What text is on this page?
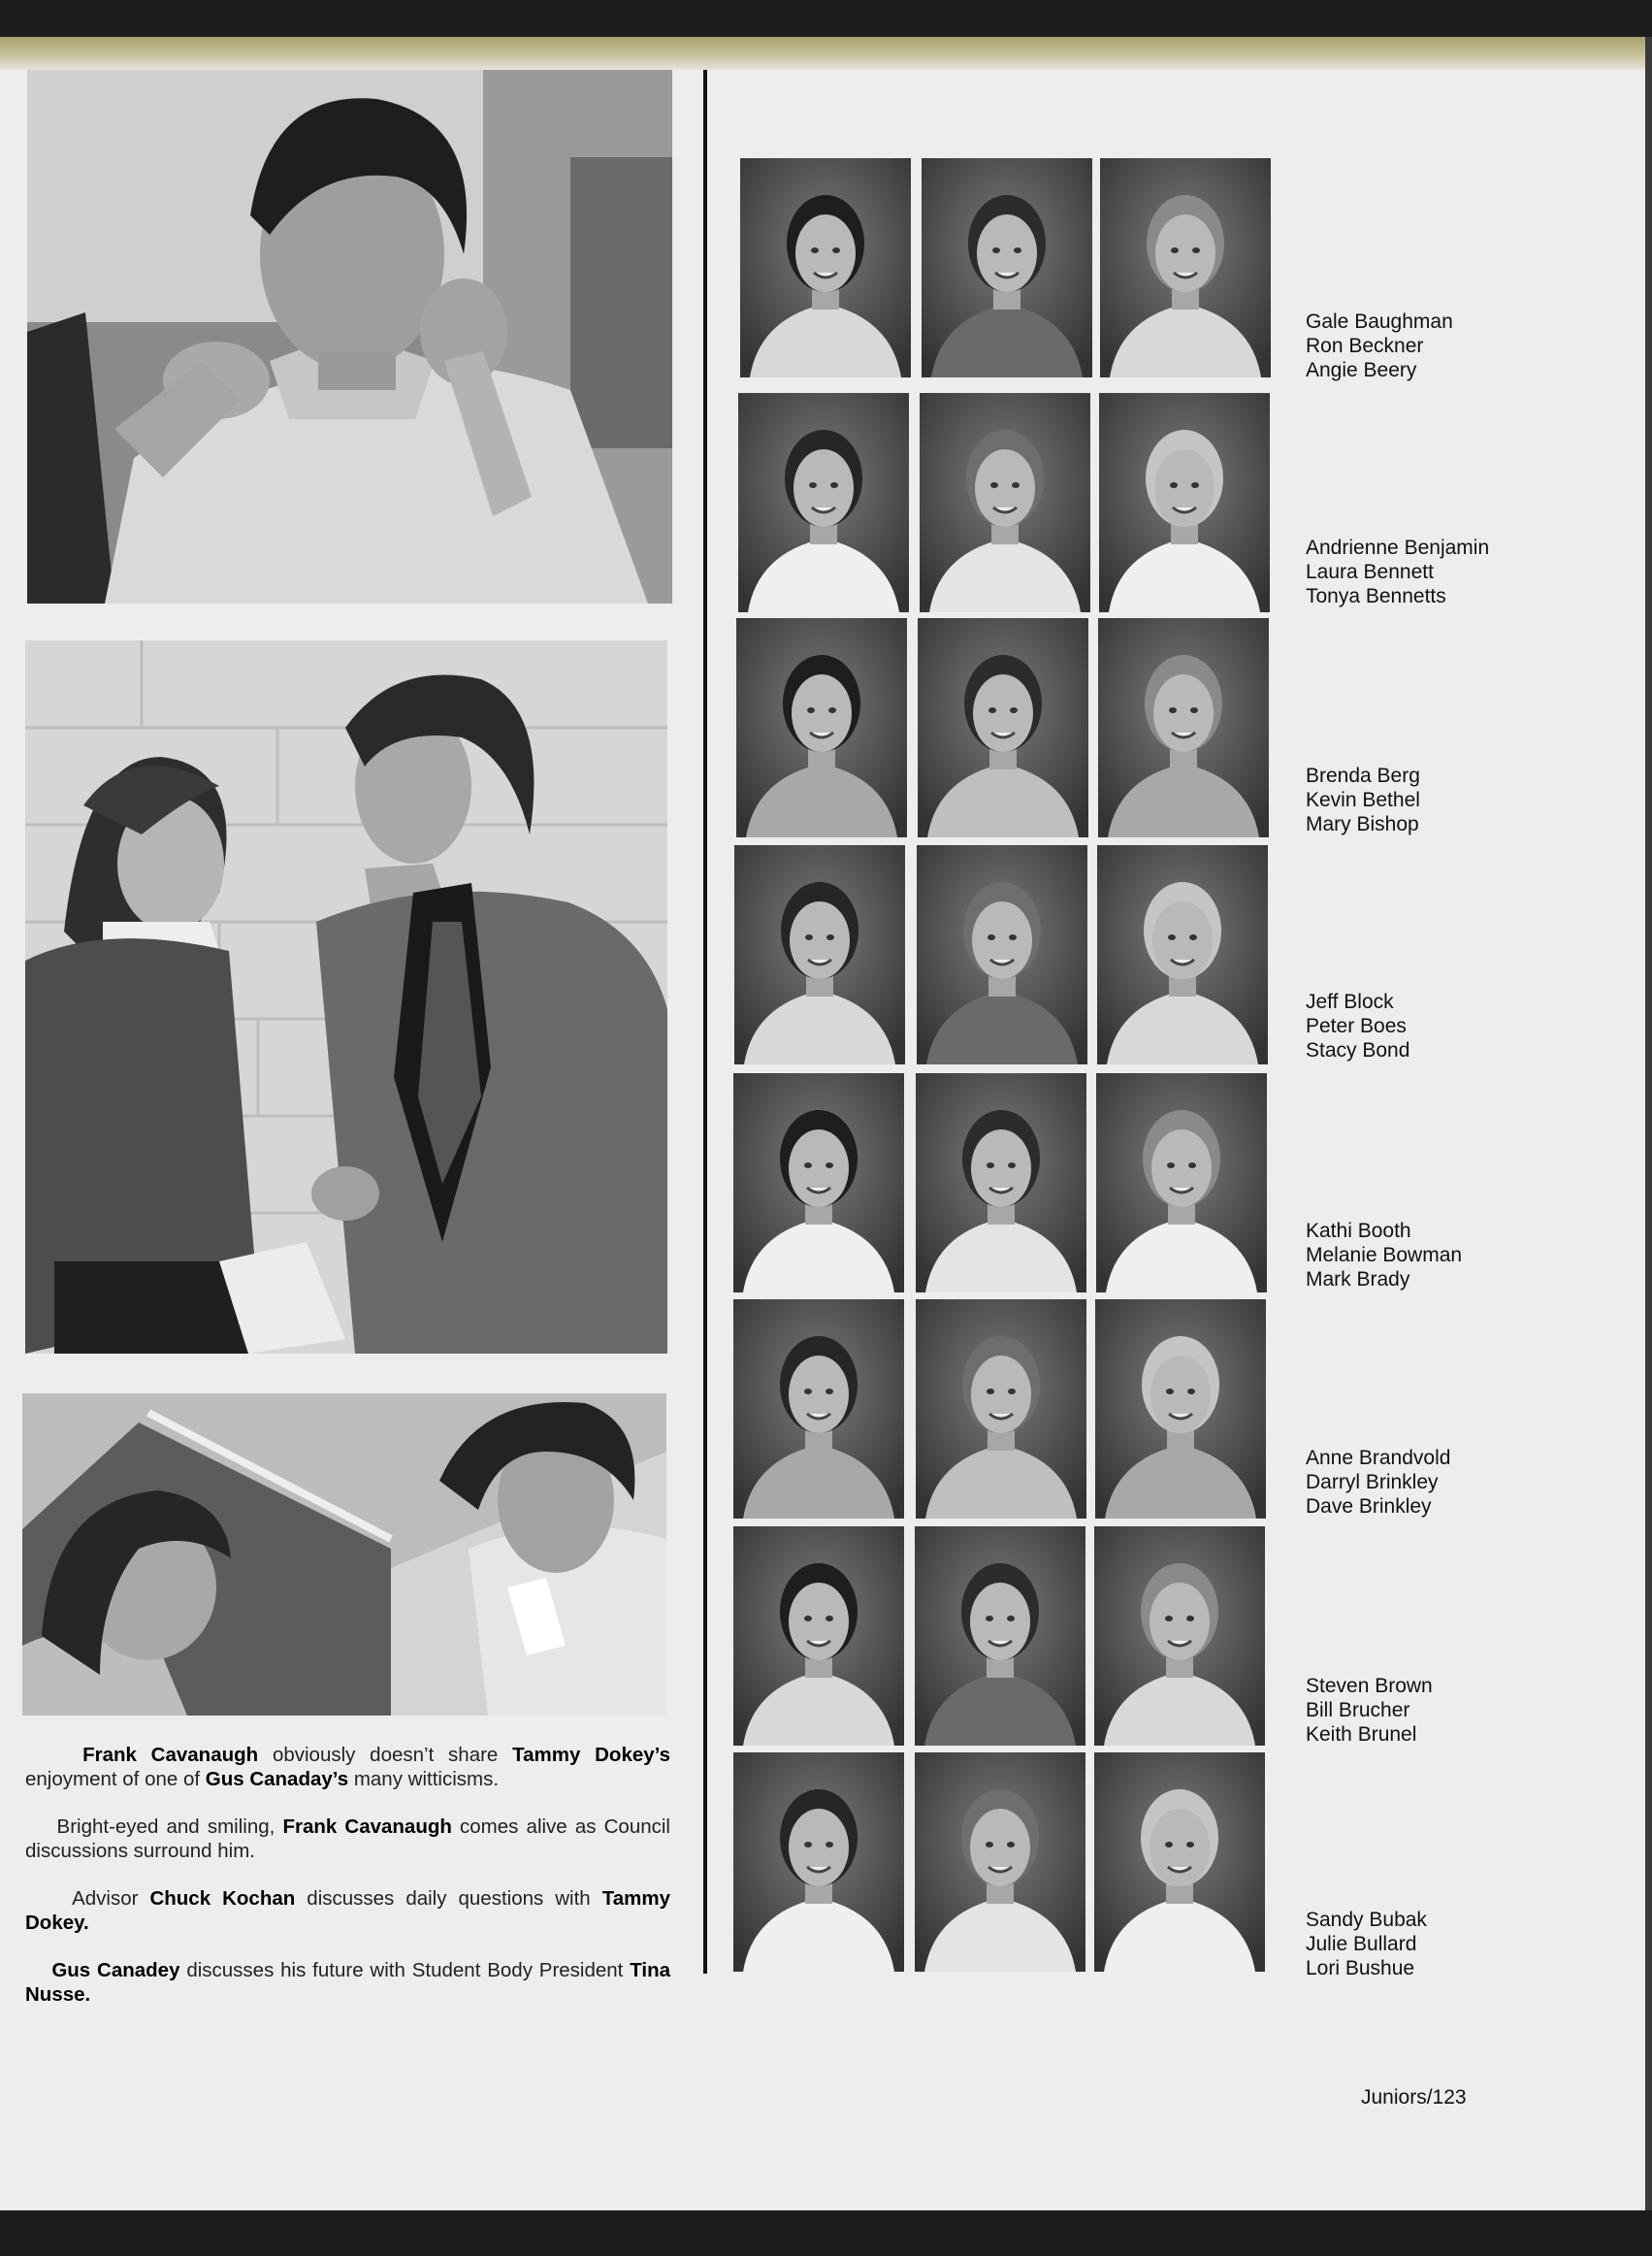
Gale Baughman
Ron Beckner
Angie Beery
Andrienne Benjamin
Laura Bennett
Tonya Bennetts
Brenda Berg
Kevin Bethel
Mary Bishop
Jeff Block
Peter Boes
Stacy Bond
Kathi Booth
Melanie Bowman
Mark Brady
Anne Brandvold
Darryl Brinkley
Dave Brinkley
Steven Brown
Bill Brucher
Keith Brunel
Sandy Bubak
Julie Bullard
Lori Bushue

Frank Cavanaugh obviously doesn’t share Tammy Dokey’s enjoyment of one of Gus Canaday’s many witticisms.

Bright-eyed and smiling, Frank Cavanaugh comes alive as Council discussions surround him.

Advisor Chuck Kochan discusses daily questions with Tammy Dokey.

Gus Canadey discusses his future with Student Body President Tina Nusse.

Juniors/123
